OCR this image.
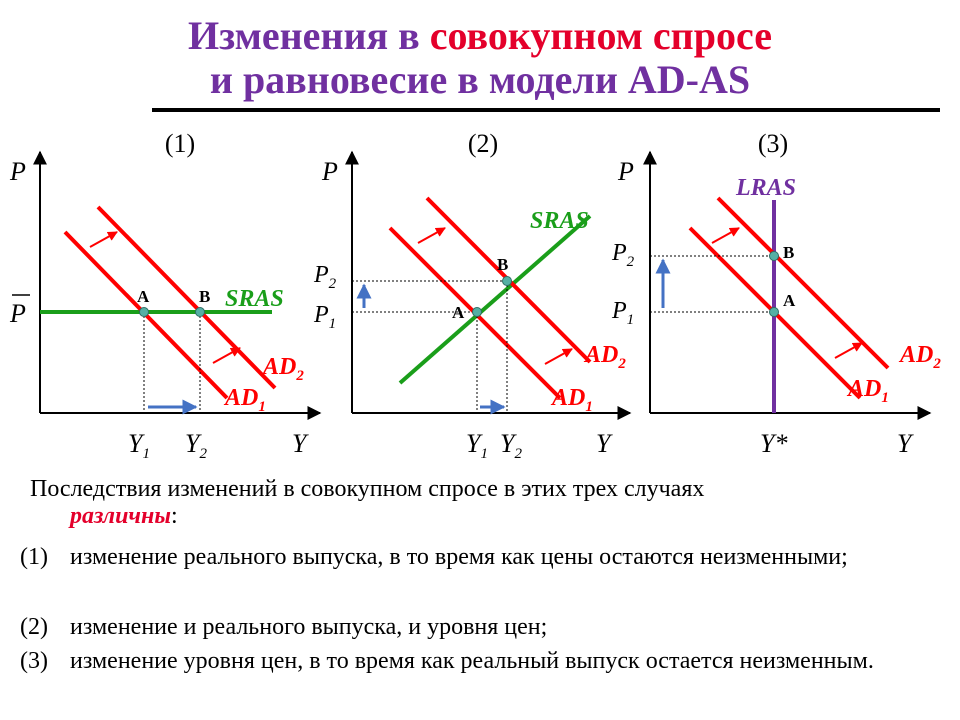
Изменения в совокупном спросе
и равновесие в модели AD-AS
(1)
P
Y
P	SRAS
$AD_2$
$AD_1$
A	B
$Y_1$ $Y_2$
(2)
P
Y
$P_2$
$P_1$
SRAS
$AD_2$
$AD_1$
A
B
$Y_1$ $Y_2$
(3)
P
Y
$P_2$
$P_1$
LRAS
$AD_2$
$AD_1$
A
B
Y*
Последствия изменений в совокупном спросе в этих трех случаях
различны:
(1) изменение реального выпуска, в то время как цены остаются неизменными;
(2) изменение и реального выпуска, и уровня цен;
(3) изменение уровня цен, в то время как реальный выпуск остается неизменным.
